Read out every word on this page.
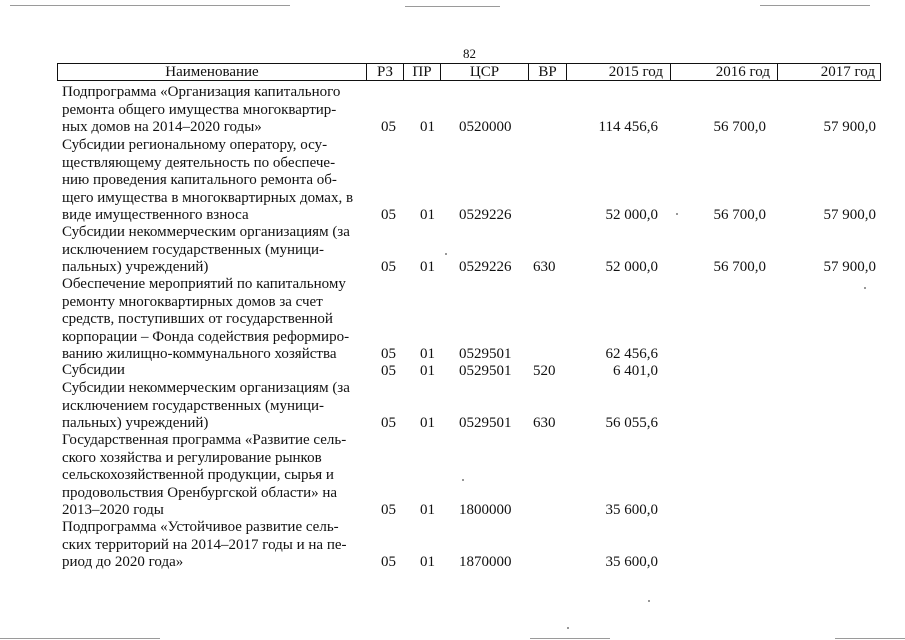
82
Наименование	РЗ	ПР	ЦСР	ВР	2015 год	2016 год	2017 год
Подпрограмма «Организация капитального
ремонта общего имущества многоквартир-
ных домов на 2014–2020 годы»	05 01 0520000	114 456,6	56 700,0	57 900,0
Субсидии региональному оператору, осу-
ществляющему деятельность по обеспече-
нию проведения капитального ремонта об-
щего имущества в многоквартирных домах, в
виде имущественного взноса	05 01 0529226	52 000,0	56 700,0	57 900,0
Субсидии некоммерческим организациям (за
исключением государственных (муници-
пальных) учреждений)	05 01 0529226 630	52 000,0	56 700,0	57 900,0
Обеспечение мероприятий по капитальному
ремонту многоквартирных домов за счет
средств, поступивших от государственной
корпорации – Фонда содействия реформиро-
ванию жилищно-коммунального хозяйства	05 01 0529501	62 456,6
Субсидии	05 01 0529501 520	6 401,0
Субсидии некоммерческим организациям (за
исключением государственных (муници-
пальных) учреждений)	05 01 0529501 630	56 055,6
Государственная программа «Развитие сель-
ского хозяйства и регулирование рынков
сельскохозяйственной продукции, сырья и
продовольствия Оренбургской области» на
2013–2020 годы	05 01 1800000	35 600,0
Подпрограмма «Устойчивое развитие сель-
ских территорий на 2014–2017 годы и на пе-
риод до 2020 года»	05 01 1870000	35 600,0
